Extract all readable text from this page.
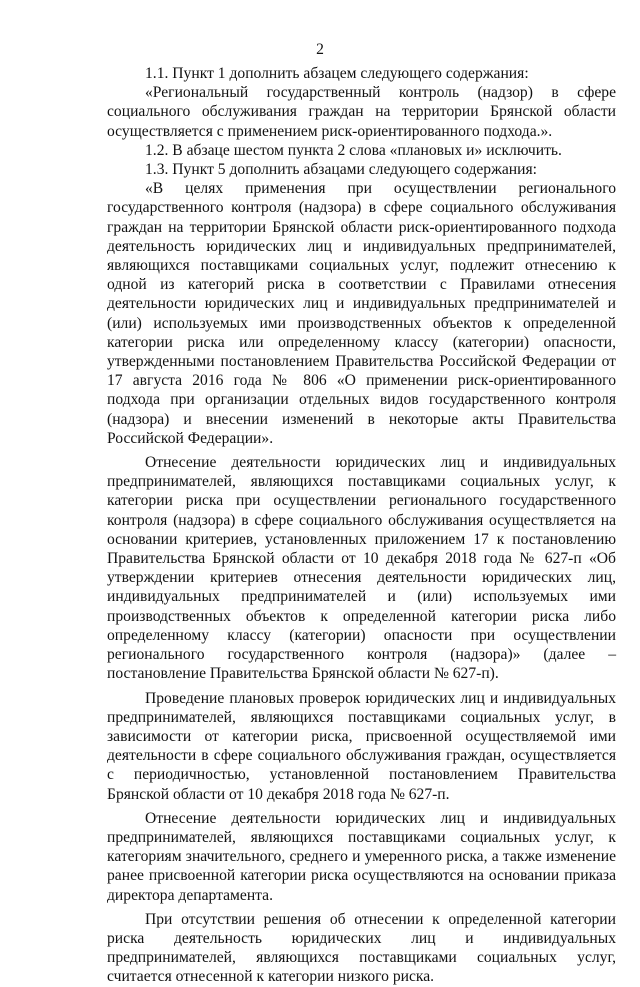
2

1.1. Пункт 1 дополнить абзацем следующего содержания:

«Региональный государственный контроль (надзор) в сфере социального обслуживания граждан на территории Брянской области осуществляется с применением риск-ориентированного подхода.».

1.2. В абзаце шестом пункта 2 слова «плановых и» исключить.

1.3. Пункт 5 дополнить абзацами следующего содержания:

«В целях применения при осуществлении регионального государственного контроля (надзора) в сфере социального обслуживания граждан на территории Брянской области риск-ориентированного подхода деятельность юридических лиц и индивидуальных предпринимателей, являющихся поставщиками социальных услуг, подлежит отнесению к одной из категорий риска в соответствии с Правилами отнесения деятельности юридических лиц и индивидуальных предпринимателей и (или) используемых ими производственных объектов к определенной категории риска или определенному классу (категории) опасности, утвержденными постановлением Правительства Российской Федерации от 17 августа 2016 года № 806 «О применении риск-ориентированного подхода при организации отдельных видов государственного контроля (надзора) и внесении изменений в некоторые акты Правительства Российской Федерации».

Отнесение деятельности юридических лиц и индивидуальных предпринимателей, являющихся поставщиками социальных услуг, к категории риска при осуществлении регионального государственного контроля (надзора) в сфере социального обслуживания осуществляется на основании критериев, установленных приложением 17 к постановлению Правительства Брянской области от 10 декабря 2018 года № 627-п «Об утверждении критериев отнесения деятельности юридических лиц, индивидуальных предпринимателей и (или) используемых ими производственных объектов к определенной категории риска либо определенному классу (категории) опасности при осуществлении регионального государственного контроля (надзора)» (далее – постановление Правительства Брянской области № 627-п).

Проведение плановых проверок юридических лиц и индивидуальных предпринимателей, являющихся поставщиками социальных услуг, в зависимости от категории риска, присвоенной осуществляемой ими деятельности в сфере социального обслуживания граждан, осуществляется с периодичностью, установленной постановлением Правительства Брянской области от 10 декабря 2018 года № 627-п.

Отнесение деятельности юридических лиц и индивидуальных предпринимателей, являющихся поставщиками социальных услуг, к категориям значительного, среднего и умеренного риска, а также изменение ранее присвоенной категории риска осуществляются на основании приказа директора департамента.

При отсутствии решения об отнесении к определенной категории риска деятельность юридических лиц и индивидуальных предпринимателей, являющихся поставщиками социальных услуг, считается отнесенной к категории низкого риска.
